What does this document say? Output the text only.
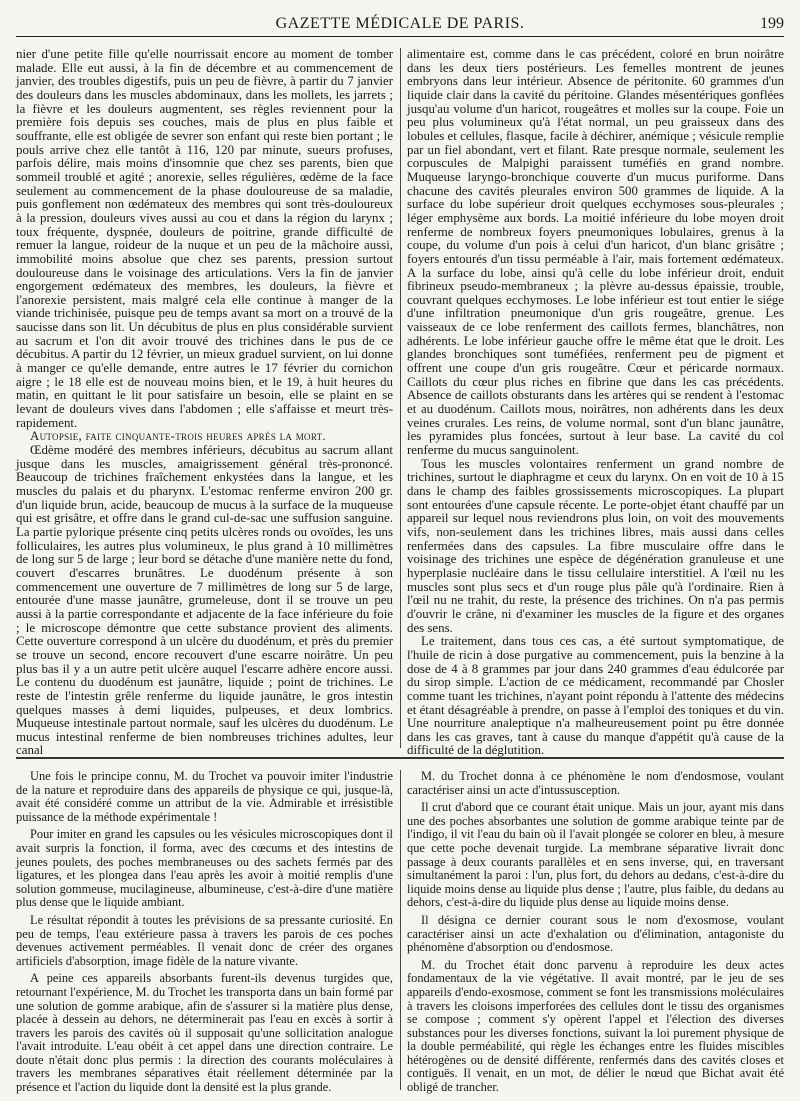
GAZETTE MÉDICALE DE PARIS.	199

nier d'une petite fille qu'elle nourrissait encore au moment de tomber malade. Elle eut aussi, à la fin de décembre et au commencement de janvier, des troubles digestifs, puis un peu de fièvre, à partir du 7 janvier des douleurs dans les muscles abdominaux, dans les mollets, les jarrets ; la fièvre et les douleurs augmentent, ses règles reviennent pour la première fois depuis ses couches, mais de plus en plus faible et souffrante, elle est obligée de sevrer son enfant qui reste bien portant ; le pouls arrive chez elle tantôt à 116, 120 par minute, sueurs profuses, parfois délire, mais moins d'insomnie que chez ses parents, bien que sommeil troublé et agité ; anorexie, selles régulières, œdème de la face seulement au commencement de la phase douloureuse de sa maladie, puis gonflement non œdémateux des membres qui sont très-douloureux à la pression, douleurs vives aussi au cou et dans la région du larynx ; toux fréquente, dyspnée, douleurs de poitrine, grande difficulté de remuer la langue, roideur de la nuque et un peu de la mâchoire aussi, immobilité moins absolue que chez ses parents, pression surtout douloureuse dans le voisinage des articulations. Vers la fin de janvier engorgement œdémateux des membres, les douleurs, la fièvre et l'anorexie persistent, mais malgré cela elle continue à manger de la viande trichinisée, puisque peu de temps avant sa mort on a trouvé de la saucisse dans son lit. Un décubitus de plus en plus considérable survient au sacrum et l'on dit avoir trouvé des trichines dans le pus de ce décubitus. A partir du 12 février, un mieux graduel survient, on lui donne à manger ce qu'elle demande, entre autres le 17 février du cornichon aigre ; le 18 elle est de nouveau moins bien, et le 19, à huit heures du matin, en quittant le lit pour satisfaire un besoin, elle se plaint en se levant de douleurs vives dans l'abdomen ; elle s'affaisse et meurt très-rapidement.

Autopsie, faite cinquante-trois heures après la mort.

Œdème modéré des membres inférieurs, décubitus au sacrum allant jusque dans les muscles, amaigrissement général très-prononcé. Beaucoup de trichines fraîchement enkystées dans la langue, et les muscles du palais et du pharynx. L'estomac renferme environ 200 gr. d'un liquide brun, acide, beaucoup de mucus à la surface de la muqueuse qui est grisâtre, et offre dans le grand cul-de-sac une suffusion sanguine. La partie pylorique présente cinq petits ulcères ronds ou ovoïdes, les uns folliculaires, les autres plus volumineux, le plus grand à 10 millimètres de long sur 5 de large ; leur bord se détache d'une manière nette du fond, couvert d'escarres brunâtres. Le duodénum présente à son commencement une ouverture de 7 millimètres de long sur 5 de large, entourée d'une masse jaunâtre, grumeleuse, dont il se trouve un peu aussi à la partie correspondante et adjacente de la face inférieure du foie ; le microscope démontre que cette substance provient des aliments. Cette ouverture correspond à un ulcère du duodénum, et près du premier se trouve un second, encore recouvert d'une escarre noirâtre. Un peu plus bas il y a un autre petit ulcère auquel l'escarre adhère encore aussi. Le contenu du duodénum est jaunâtre, liquide ; point de trichines. Le reste de l'intestin grêle renferme du liquide jaunâtre, le gros intestin quelques masses à demi liquides, pulpeuses, et deux lombrics. Muqueuse intestinale partout normale, sauf les ulcères du duodénum. Le mucus intestinal renferme de bien nombreuses trichines adultes, leur canal

alimentaire est, comme dans le cas précédent, coloré en brun noirâtre dans les deux tiers postérieurs. Les femelles montrent de jeunes embryons dans leur intérieur. Absence de péritonite. 60 grammes d'un liquide clair dans la cavité du péritoine. Glandes mésentériques gonflées jusqu'au volume d'un haricot, rougeâtres et molles sur la coupe. Foie un peu plus volumineux qu'à l'état normal, un peu graisseux dans des lobules et cellules, flasque, facile à déchirer, anémique ; vésicule remplie par un fiel abondant, vert et filant. Rate presque normale, seulement les corpuscules de Malpighi paraissent tuméfiés en grand nombre. Muqueuse laryngo-bronchique couverte d'un mucus puriforme. Dans chacune des cavités pleurales environ 500 grammes de liquide. A la surface du lobe supérieur droit quelques ecchymoses sous-pleurales ; léger emphysème aux bords. La moitié inférieure du lobe moyen droit renferme de nombreux foyers pneumoniques lobulaires, grenus à la coupe, du volume d'un pois à celui d'un haricot, d'un blanc grisâtre ; foyers entourés d'un tissu perméable à l'air, mais fortement œdémateux. A la surface du lobe, ainsi qu'à celle du lobe inférieur droit, enduit fibrineux pseudo-membraneux ; la plèvre au-dessus épaissie, trouble, couvrant quelques ecchymoses. Le lobe inférieur est tout entier le siége d'une infiltration pneumonique d'un gris rougeâtre, grenue. Les vaisseaux de ce lobe renferment des caillots fermes, blanchâtres, non adhérents. Le lobe inférieur gauche offre le même état que le droit. Les glandes bronchiques sont tuméfiées, renferment peu de pigment et offrent une coupe d'un gris rougeâtre. Cœur et péricarde normaux. Caillots du cœur plus riches en fibrine que dans les cas précédents. Absence de caillots obsturants dans les artères qui se rendent à l'estomac et au duodénum. Caillots mous, noirâtres, non adhérents dans les deux veines crurales. Les reins, de volume normal, sont d'un blanc jaunâtre, les pyramides plus foncées, surtout à leur base. La cavité du col renferme du mucus sanguinolent.

Tous les muscles volontaires renferment un grand nombre de trichines, surtout le diaphragme et ceux du larynx. On en voit de 10 à 15 dans le champ des faibles grossissements microscopiques. La plupart sont entourées d'une capsule récente. Le porte-objet étant chauffé par un appareil sur lequel nous reviendrons plus loin, on voit des mouvements vifs, non-seulement dans les trichines libres, mais aussi dans celles renfermées dans des capsules. La fibre musculaire offre dans le voisinage des trichines une espèce de dégénération granuleuse et une hyperplasie nucléaire dans le tissu cellulaire interstitiel. A l'œil nu les muscles sont plus secs et d'un rouge plus pâle qu'à l'ordinaire. Rien à l'œil nu ne trahit, du reste, la présence des trichines. On n'a pas permis d'ouvrir le crâne, ni d'examiner les muscles de la figure et des organes des sens.

Le traitement, dans tous ces cas, a été surtout symptomatique, de l'huile de ricin à dose purgative au commencement, puis la benzine à la dose de 4 à 8 grammes par jour dans 240 grammes d'eau édulcorée par du sirop simple. L'action de ce médicament, recommandé par Chosler comme tuant les trichines, n'ayant point répondu à l'attente des médecins et étant désagréable à prendre, on passe à l'emploi des toniques et du vin. Une nourriture analeptique n'a malheureusement point pu être donnée dans les cas graves, tant à cause du manque d'appétit qu'à cause de la difficulté de la déglutition.

Une fois le principe connu, M. du Trochet va pouvoir imiter l'industrie de la nature et reproduire dans des appareils de physique ce qui, jusque-là, avait été considéré comme un attribut de la vie. Admirable et irrésistible puissance de la méthode expérimentale !

Pour imiter en grand les capsules ou les vésicules microscopiques dont il avait surpris la fonction, il forma, avec des cœcums et des intestins de jeunes poulets, des poches membraneuses ou des sachets fermés par des ligatures, et les plongea dans l'eau après les avoir à moitié remplis d'une solution gommeuse, mucilagineuse, albumineuse, c'est-à-dire d'une matière plus dense que le liquide ambiant.

Le résultat répondit à toutes les prévisions de sa pressante curiosité. En peu de temps, l'eau extérieure passa à travers les parois de ces poches devenues activement perméables. Il venait donc de créer des organes artificiels d'absorption, image fidèle de la nature vivante.

A peine ces appareils absorbants furent-ils devenus turgides que, retournant l'expérience, M. du Trochet les transporta dans un bain formé par une solution de gomme arabique, afin de s'assurer si la matière plus dense, placée à dessein au dehors, ne déterminerait pas l'eau en excès à sortir à travers les parois des cavités où il supposait qu'une sollicitation analogue l'avait introduite. L'eau obéit à cet appel dans une direction contraire. Le doute n'était donc plus permis : la direction des courants moléculaires à travers les membranes séparatives était réellement déterminée par la présence et l'action du liquide dont la densité est la plus grande.

M. du Trochet donna à ce phénomène le nom d'endosmose, voulant caractériser ainsi un acte d'intussusception.

Il crut d'abord que ce courant était unique. Mais un jour, ayant mis dans une des poches absorbantes une solution de gomme arabique teinte par de l'indigo, il vit l'eau du bain où il l'avait plongée se colorer en bleu, à mesure que cette poche devenait turgide. La membrane séparative livrait donc passage à deux courants parallèles et en sens inverse, qui, en traversant simultanément la paroi : l'un, plus fort, du dehors au dedans, c'est-à-dire du liquide moins dense au liquide plus dense ; l'autre, plus faible, du dedans au dehors, c'est-à-dire du liquide plus dense au liquide moins dense.

Il désigna ce dernier courant sous le nom d'exosmose, voulant caractériser ainsi un acte d'exhalation ou d'élimination, antagoniste du phénomène d'absorption ou d'endosmose.

M. du Trochet était donc parvenu à reproduire les deux actes fondamentaux de la vie végétative. Il avait montré, par le jeu de ses appareils d'endo-exosmose, comment se font les transmissions moléculaires à travers les cloisons imperforées des cellules dont le tissu des organismes se compose ; comment s'y opèrent l'appel et l'élection des diverses substances pour les diverses fonctions, suivant la loi purement physique de la double perméabilité, qui règle les échanges entre les fluides miscibles hétérogènes ou de densité différente, renfermés dans des cavités closes et contiguës. Il venait, en un mot, de délier le nœud que Bichat avait été obligé de trancher.
